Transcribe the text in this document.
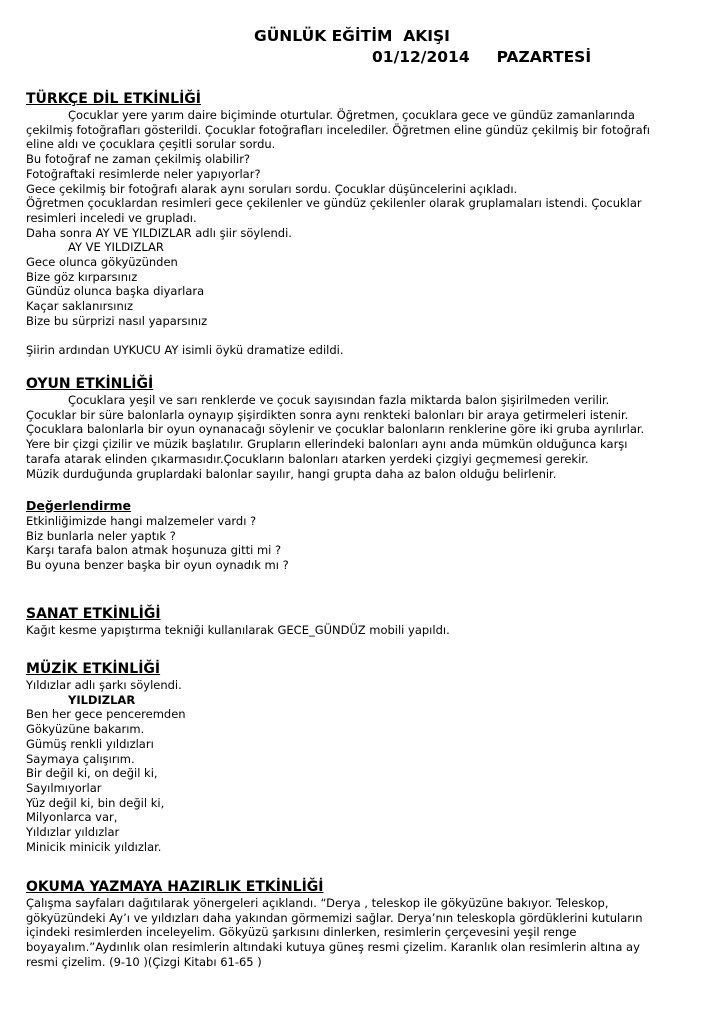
GÜNLÜK EĞİTİM  AKIŞI
01/12/2014     PAZARTESİ

TÜRKÇE DİL ETKİNLİĞİ

Çocuklar yere yarım daire biçiminde oturtular. Öğretmen, çocuklara gece ve gündüz zamanlarında
çekilmiş fotoğrafları gösterildi. Çocuklar fotoğrafları incelediler. Öğretmen eline gündüz çekilmiş bir fotoğrafı
eline aldı ve çocuklara çeşitli sorular sordu.
Bu fotoğraf ne zaman çekilmiş olabilir?
Fotoğraftaki resimlerde neler yapıyorlar?
Gece çekilmiş bir fotoğrafı alarak aynı soruları sordu. Çocuklar düşüncelerini açıkladı.
Öğretmen çocuklardan resimleri gece çekilenler ve gündüz çekilenler olarak gruplamaları istendi. Çocuklar
resimleri inceledi ve grupladı.
Daha sonra AY VE YILDIZLAR adlı şiir söylendi.
AY VE YILDIZLAR
Gece olunca gökyüzünden
Bize göz kırparsınız
Gündüz olunca başka diyarlara
Kaçar saklanırsınız
Bize bu sürprizi nasıl yaparsınız
Şiirin ardından UYKUCU AY isimli öykü dramatize edildi.

OYUN ETKİNLİĞİ

Çocuklara yeşil ve sarı renklerde ve çocuk sayısından fazla miktarda balon şişirilmeden verilir.
Çocuklar bir süre balonlarla oynayıp şişirdikten sonra aynı renkteki balonları bir araya getirmeleri istenir.
Çocuklara balonlarla bir oyun oynanacağı söylenir ve çocuklar balonların renklerine göre iki gruba ayrılırlar.
Yere bir çizgi çizilir ve müzik başlatılır. Grupların ellerindeki balonları aynı anda mümkün olduğunca karşı
tarafa atarak elinden çıkarmasıdır.Çocukların balonları atarken yerdeki çizgiyi geçmemesi gerekir.
Müzik durduğunda gruplardaki balonlar sayılır, hangi grupta daha az balon olduğu belirlenir.

Değerlendirme

Etkinliğimizde hangi malzemeler vardı ?
Biz bunlarla neler yaptık ?
Karşı tarafa balon atmak hoşunuza gitti mi ?
Bu oyuna benzer başka bir oyun oynadık mı ?

SANAT ETKİNLİĞİ

Kağıt kesme yapıştırma tekniği kullanılarak GECE_GÜNDÜZ mobili yapıldı.

MÜZİK ETKİNLİĞİ

Yıldızlar adlı şarkı söylendi.
YILDIZLAR
Ben her gece penceremden
Gökyüzüne bakarım.
Gümüş renkli yıldızları
Saymaya çalışırım.
Bir değil ki, on değil ki,
Sayılmıyorlar
Yüz değil ki, bin değil ki,
Milyonlarca var,
Yıldızlar yıldızlar
Minicik minicik yıldızlar.

OKUMA YAZMAYA HAZIRLIK ETKİNLİĞİ

Çalışma sayfaları dağıtılarak yönergeleri açıklandı. “Derya , teleskop ile gökyüzüne bakıyor. Teleskop,
gökyüzündeki Ay’ı ve yıldızları daha yakından görmemizi sağlar. Derya’nın teleskopla gördüklerini kutuların
içindeki resimlerden inceleyelim. Gökyüzü şarkısını dinlerken, resimlerin çerçevesini yeşil renge
boyayalım.”Aydınlık olan resimlerin altındaki kutuya güneş resmi çizelim. Karanlık olan resimlerin altına ay
resmi çizelim. (9-10 )(Çizgi Kitabı 61-65 )
